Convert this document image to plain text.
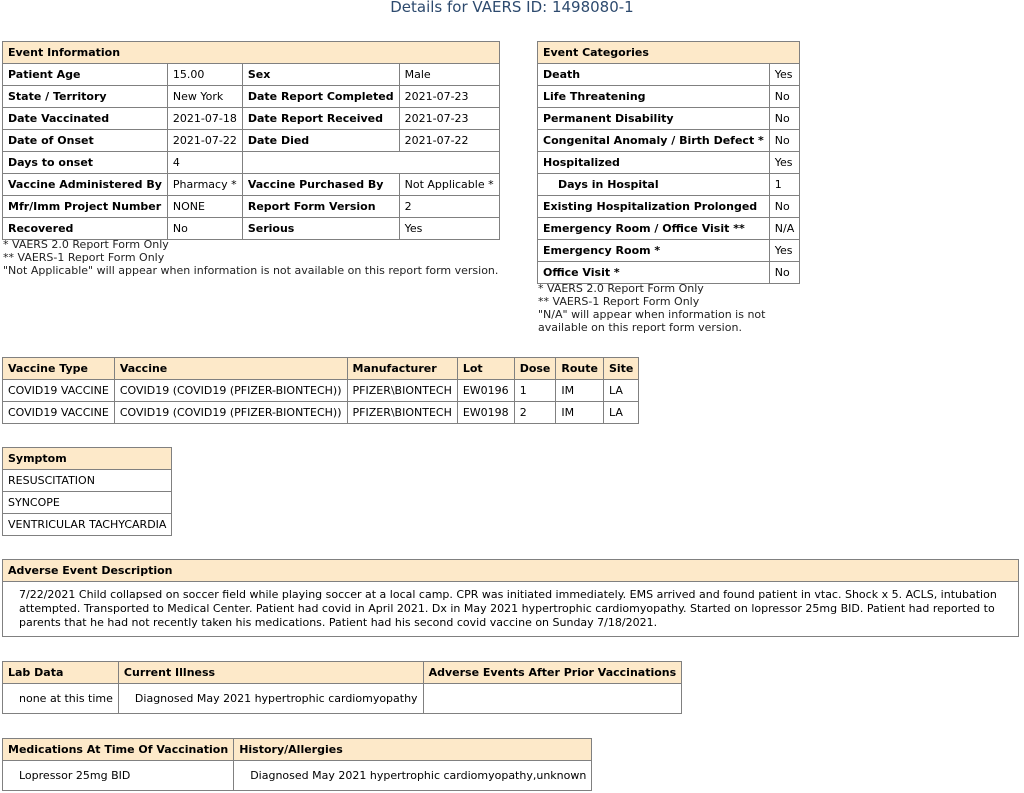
Details for VAERS ID: 1498080-1
Event Information			
Patient Age	15.00	Sex	Male
State / Territory	New York	Date Report Completed	2021-07-23
Date Vaccinated	2021-07-18	Date Report Received	2021-07-23
Date of Onset	2021-07-22	Date Died	2021-07-22
Days to onset	4		
Vaccine Administered By	Pharmacy *	Vaccine Purchased By	Not Applicable *
Mfr/Imm Project Number	NONE	Report Form Version	2
Recovered	No	Serious	Yes
* VAERS 2.0 Report Form Only
** VAERS-1 Report Form Only
"Not Applicable" will appear when information is not available on this report form version.
Event Categories	
Death	Yes
Life Threatening	No
Permanent Disability	No
Congenital Anomaly / Birth Defect *	No
Hospitalized	Yes
Days in Hospital	1
Existing Hospitalization Prolonged	No
Emergency Room / Office Visit **	N/A
Emergency Room *	Yes
Office Visit *	No
* VAERS 2.0 Report Form Only
** VAERS-1 Report Form Only
"N/A" will appear when information is not
available on this report form version.
Vaccine Type	Vaccine	Manufacturer	Lot	Dose	Route	Site
COVID19 VACCINE	COVID19 (COVID19 (PFIZER-BIONTECH))	PFIZER\BIONTECH	EW0196	1	IM	LA
COVID19 VACCINE	COVID19 (COVID19 (PFIZER-BIONTECH))	PFIZER\BIONTECH	EW0198	2	IM	LA
Symptom
RESUSCITATION
SYNCOPE
VENTRICULAR TACHYCARDIA
Adverse Event Description
7/22/2021 Child collapsed on soccer field while playing soccer at a local camp. CPR was initiated immediately. EMS arrived and found patient in vtac. Shock x 5. ACLS, intubation attempted. Transported to Medical Center. Patient had covid in April 2021. Dx in May 2021 hypertrophic cardiomyopathy. Started on lopressor 25mg BID. Patient had reported to parents that he had not recently taken his medications. Patient had his second covid vaccine on Sunday 7/18/2021.
Lab Data	Current Illness	Adverse Events After Prior Vaccinations
none at this time	Diagnosed May 2021 hypertrophic cardiomyopathy	
Medications At Time Of Vaccination	History/Allergies
Lopressor 25mg BID	Diagnosed May 2021 hypertrophic cardiomyopathy,unknown
